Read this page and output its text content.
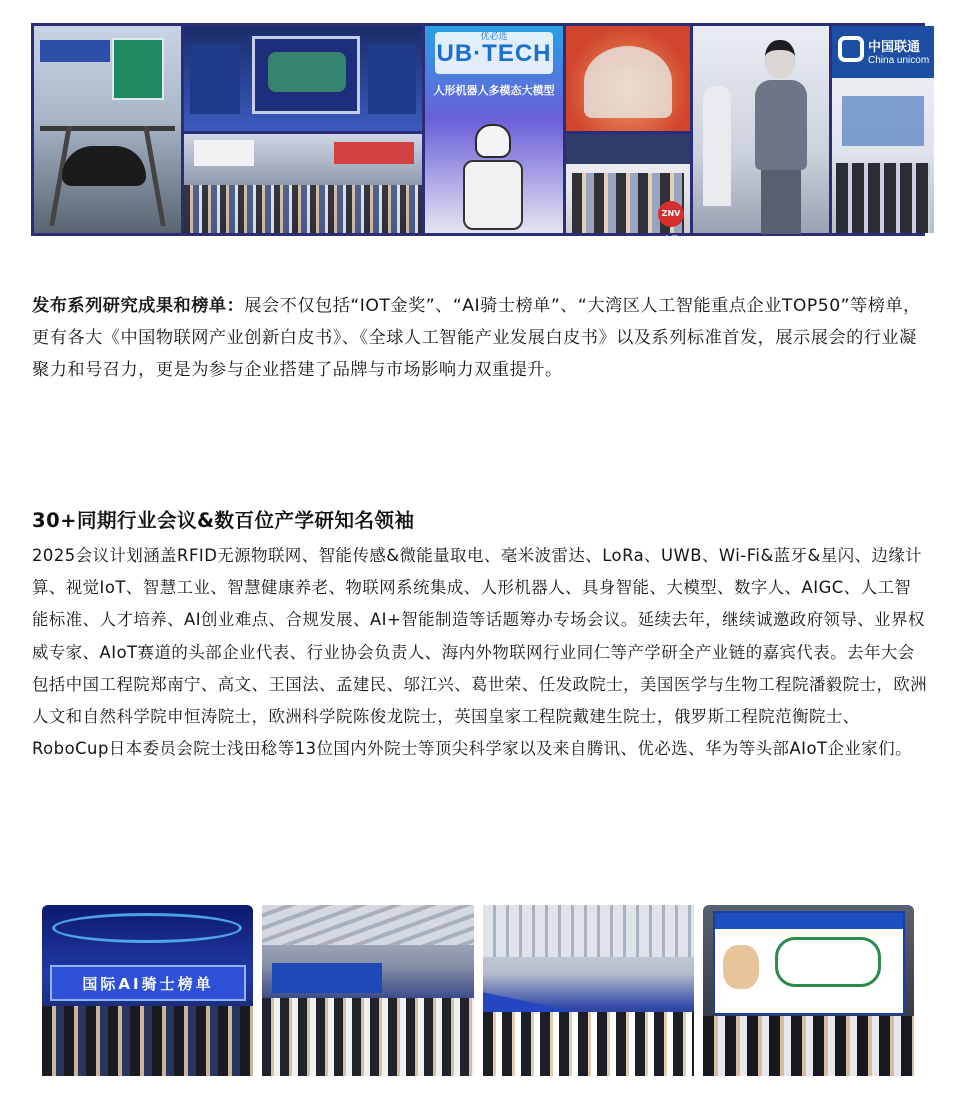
优必选
UB·TECH
人形机器人多模态大模型
ZNV力维
中国联通
China unicom

发布系列研究成果和榜单：展会不仅包括“IOT金奖”、“AI骑士榜单”、“大湾区人工智能重点企业TOP50”等榜单，更有各大《中国物联网产业创新白皮书》、《全球人工智能产业发展白皮书》以及系列标准首发，展示展会的行业凝聚力和号召力，更是为参与企业搭建了品牌与市场影响力双重提升。

30+同期行业会议&数百位产学研知名领袖

2025会议计划涵盖RFID无源物联网、智能传感&微能量取电、毫米波雷达、LoRa、UWB、Wi-Fi&蓝牙&星闪、边缘计算、视觉IoT、智慧工业、智慧健康养老、物联网系统集成、人形机器人、具身智能、大模型、数字人、AIGC、人工智能标准、人才培养、AI创业难点、合规发展、AI+智能制造等话题筹办专场会议。延续去年，继续诚邀政府领导、业界权威专家、AIoT赛道的头部企业代表、行业协会负责人、海内外物联网行业同仁等产学研全产业链的嘉宾代表。去年大会包括中国工程院郑南宁、高文、王国法、孟建民、邬江兴、葛世荣、任发政院士，美国医学与生物工程院潘毅院士，欧洲人文和自然科学院申恒涛院士，欧洲科学院陈俊龙院士，英国皇家工程院戴建生院士，俄罗斯工程院范衡院士、RoboCup日本委员会院士浅田稔等13位国内外院士等顶尖科学家以及来自腾讯、优必选、华为等头部AIoT企业家们。

国际AI骑士榜单
